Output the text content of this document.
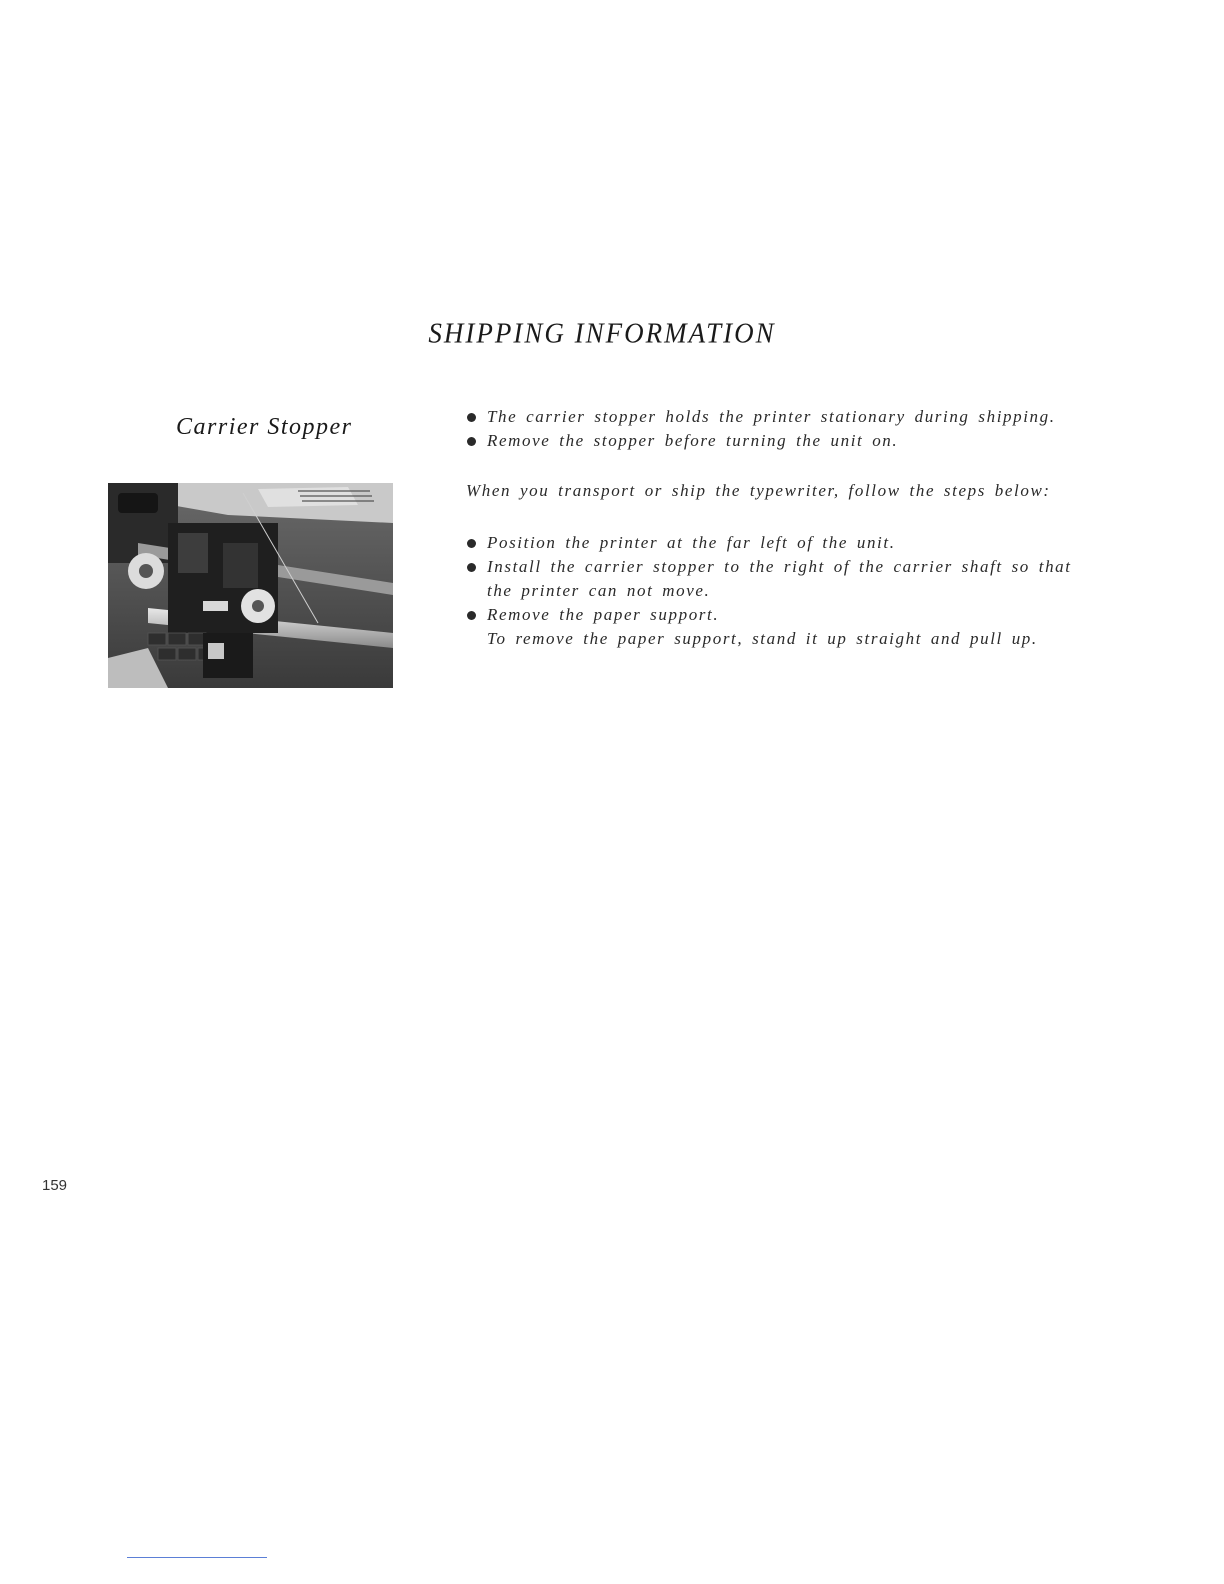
SHIPPING INFORMATION
Carrier Stopper	The carrier stopper holds the printer stationary during shipping.
Remove the stopper before turning the unit on.

When you transport or ship the typewriter, follow the steps below:

Position the printer at the far left of the unit.
Install the carrier stopper to the right of the carrier shaft so that the printer can not move.
Remove the paper support.
To remove the paper support, stand it up straight and pull up.
159
